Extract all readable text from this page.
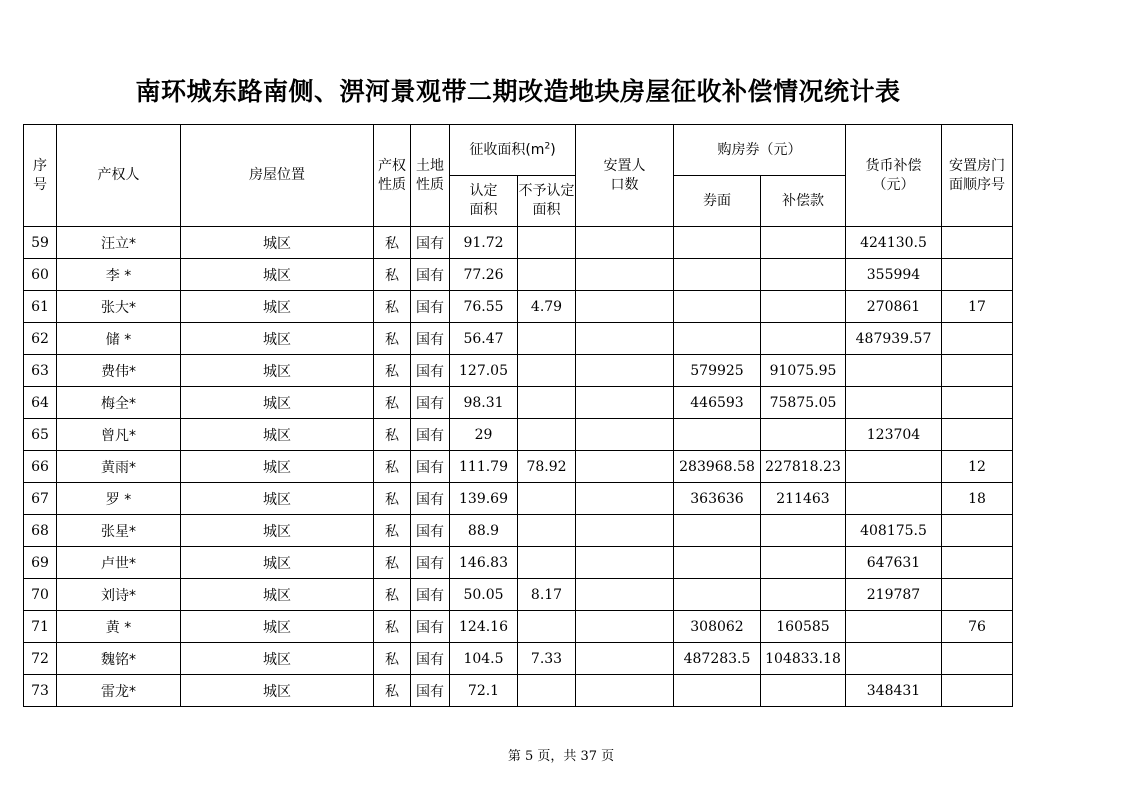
南环城东路南侧、淠河景观带二期改造地块房屋征收补偿情况统计表
序号	产权人	房屋位置	产权性质	土地性质	征收面积$(m^2)$		安置人口数	购房券（元）		货币补偿（元）	安置房门面顺序号
					认定面积	不予认定面积		券面	补偿款		
59	汪立*	城区	私	国有	91.72					424130.5	
60	李 *	城区	私	国有	77.26					355994	
61	张大*	城区	私	国有	76.55	4.79				270861	17
62	储 *	城区	私	国有	56.47					487939.57	
63	费伟*	城区	私	国有	127.05			579925	91075.95		
64	梅全*	城区	私	国有	98.31			446593	75875.05		
65	曾凡*	城区	私	国有	29					123704	
66	黄雨*	城区	私	国有	111.79	78.92		283968.58	227818.23		12
67	罗 *	城区	私	国有	139.69			363636	211463		18
68	张星*	城区	私	国有	88.9					408175.5	
69	卢世*	城区	私	国有	146.83					647631	
70	刘诗*	城区	私	国有	50.05	8.17				219787	
71	黄 *	城区	私	国有	124.16			308062	160585		76
72	魏铭*	城区	私	国有	104.5	7.33		487283.5	104833.18		
73	雷龙*	城区	私	国有	72.1					348431	
第 5 页，共 37 页
